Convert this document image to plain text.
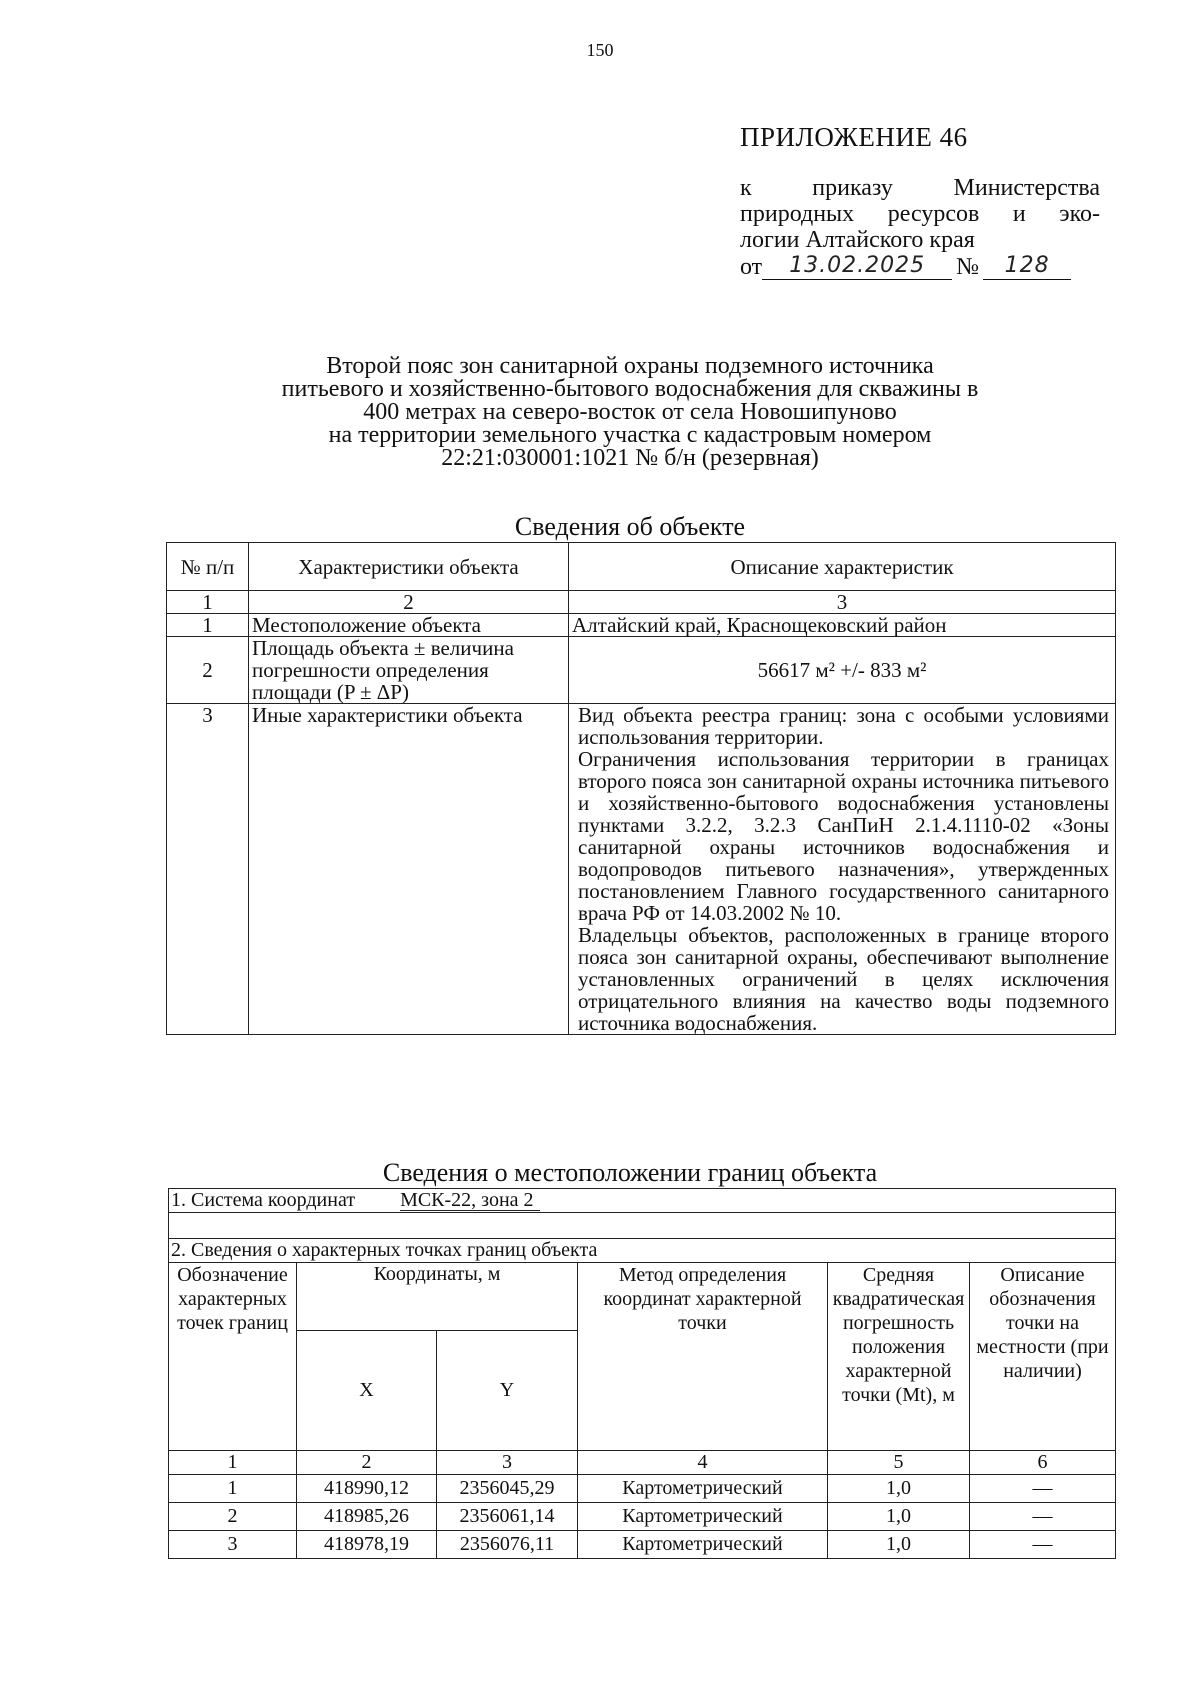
150
ПРИЛОЖЕНИЕ 46
к приказу Министерства
природных ресурсов и эко-
логии Алтайского края
от	13.02.2025	№	128
Второй пояс зон санитарной охраны подземного источника
питьевого и хозяйственно-бытового водоснабжения для скважины в
400 метрах на северо-восток от села Новошипуново
на территории земельного участка с кадастровым номером
22:21:030001:1021 № б/н (резервная)
Сведения об объекте
№ п/п	Характеристики объекта	Описание характеристик
1	2	3
1	Местоположение объекта	Алтайский край, Краснощековский район
2	Площадь объекта ± величина погрешности определения площади (P ± ΔP)	56617 м² +/- 833 м²
3	Иные характеристики объекта	Вид объекта реестра границ: зона с особыми условиями использования территории.

Ограничения использования территории в границах второго пояса зон санитарной охраны источника питьевого и хозяйственно-бытового водоснабжения установлены пунктами 3.2.2, 3.2.3 СанПиН 2.1.4.1110-02 «Зоны санитарной охраны источников водоснабжения и водопроводов питьевого назначения», утвержденных постановлением Главного государственного санитарного врача РФ от 14.03.2002 № 10.

Владельцы объектов, расположенных в границе второго пояса зон санитарной охраны, обеспечивают выполнение установленных ограничений в целях исключения отрицательного влияния на качество воды подземного источника водоснабжения.

Сведения о местоположении границ объекта
1. Система координат МСК-22, зона 2					

2. Сведения о характерных точках границ объекта					
Обозначение характерных точек границ	Координаты, м		Метод определения координат характерной точки	Средняя квадратическая погрешность положения характерной точки (Mt), м	Описание обозначения точки на местности (при наличии)
	X	Y			
1	2	3	4	5	6
1	418990,12	2356045,29	Картометрический	1,0	—
2	418985,26	2356061,14	Картометрический	1,0	—
3	418978,19	2356076,11	Картометрический	1,0	—
